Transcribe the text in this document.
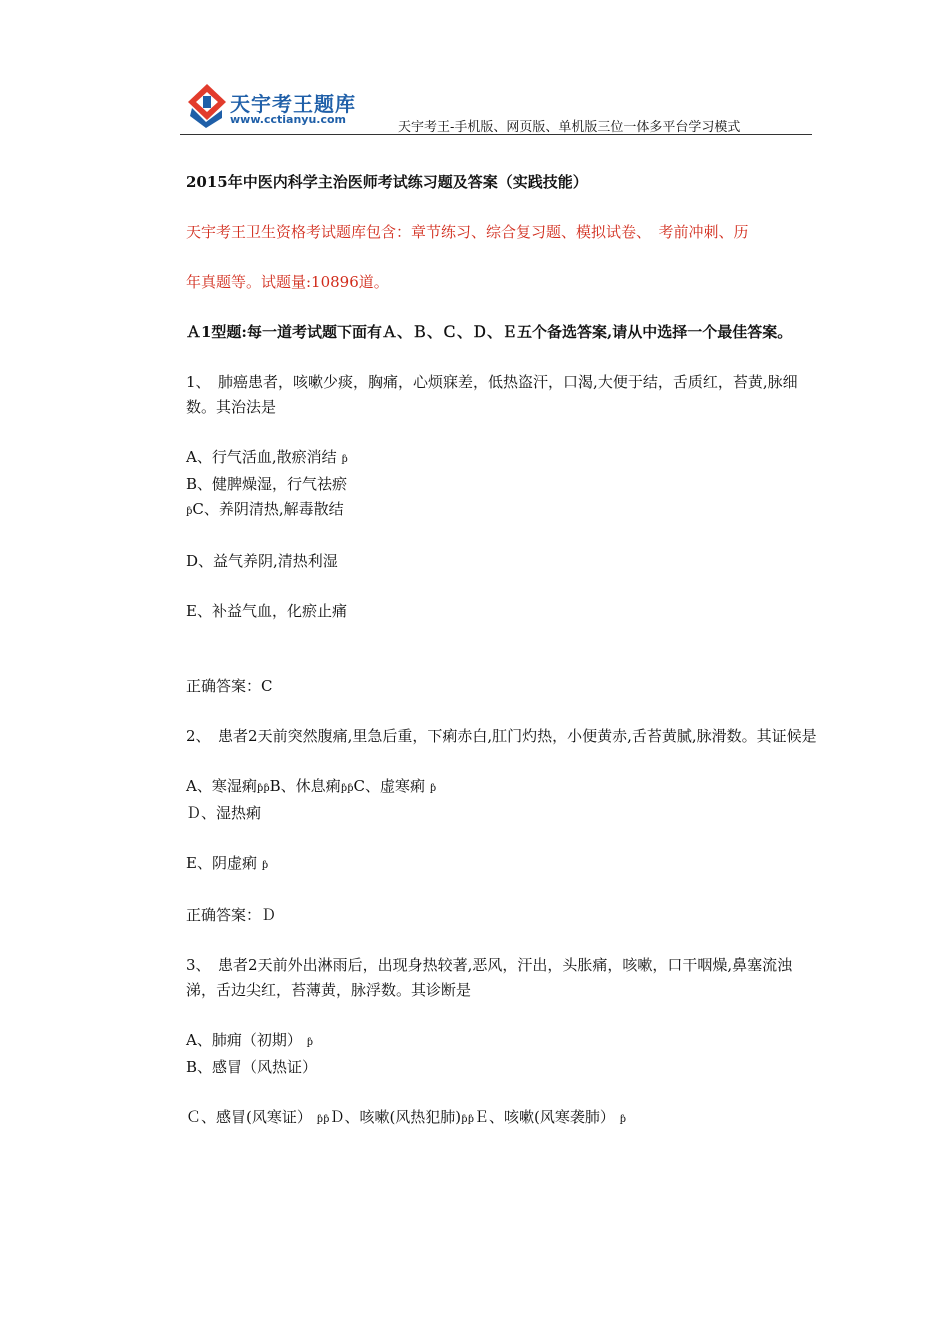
天宇考王题库
www.cctianyu.com
天宇考王-手机版、网页版、单机版三位一体多平台学习模式

2015年中医内科学主治医师考试练习题及答案（实践技能）

天宇考王卫生资格考试题库包含：章节练习、综合复习题、模拟试卷、　考前冲刺、历

年真题等。试题量:10896道。

Ａ1型题:每一道考试题下面有Ａ、Ｂ、Ｃ、Ｄ、Ｅ五个备选答案,请从中选择一个最佳答案。

1、　肺癌患者，咳嗽少痰，胸痛，心烦寐差，低热盗汗，口渴,大便于结，舌质红，苔黄,脉细数。其治法是

A、行气活血,散瘀消结 ƥ

B、健脾燥湿，行气祛瘀

ƥC、养阴清热,解毒散结

D、益气养阴,清热利湿

E、补益气血，化瘀止痛

正确答案：C

2、　患者2天前突然腹痛,里急后重，下痢赤白,肛门灼热，小便黄赤,舌苔黄腻,脉滑数。其证候是

A、寒湿痢ƥƥB、休息痢ƥƥC、虚寒痢 ƥ

Ｄ、湿热痢

E、阴虚痢 ƥ

正确答案：Ｄ

3、　患者2天前外出淋雨后，出现身热较著,恶风，汗出，头胀痛，咳嗽，口干咽燥,鼻塞流浊涕，舌边尖红，苔薄黄，脉浮数。其诊断是

A、肺痈（初期） ƥ

B、感冒（风热证）

Ｃ、感冒(风寒证） ƥƥＤ、咳嗽(风热犯肺)ƥƥＥ、咳嗽(风寒袭肺） ƥ
